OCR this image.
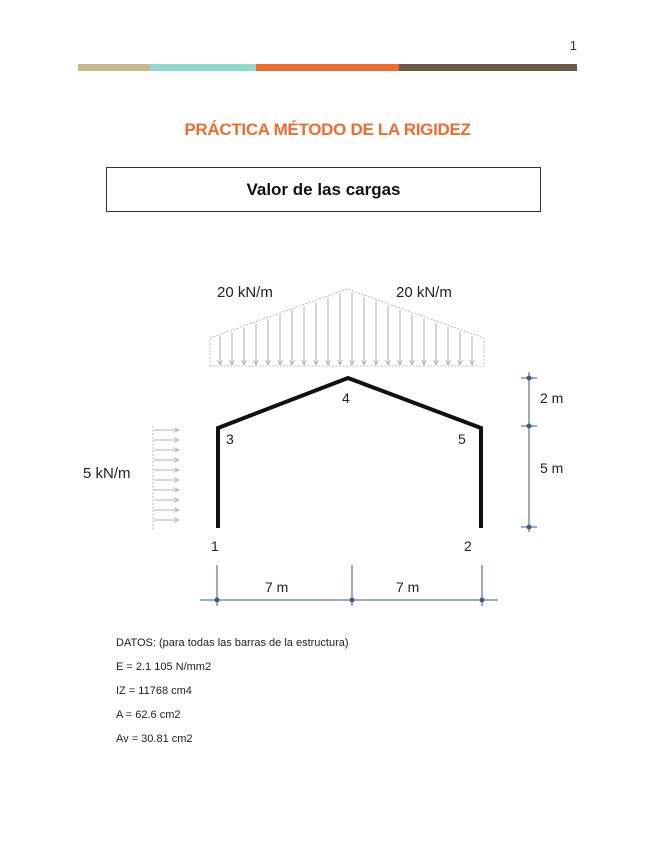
1
PRÁCTICA MÉTODO DE LA RIGIDEZ
Valor de las cargas
20 kN/m	20 kN/m
5 kN/m
1	2
3
4
5
2 m
5 m
7 m	7 m
DATOS: (para todas las barras de la estructura)
E = 2.1 105 N/mm2
IZ = 11768 cm4
A = 62.6 cm2
Av = 30.81 cm2
